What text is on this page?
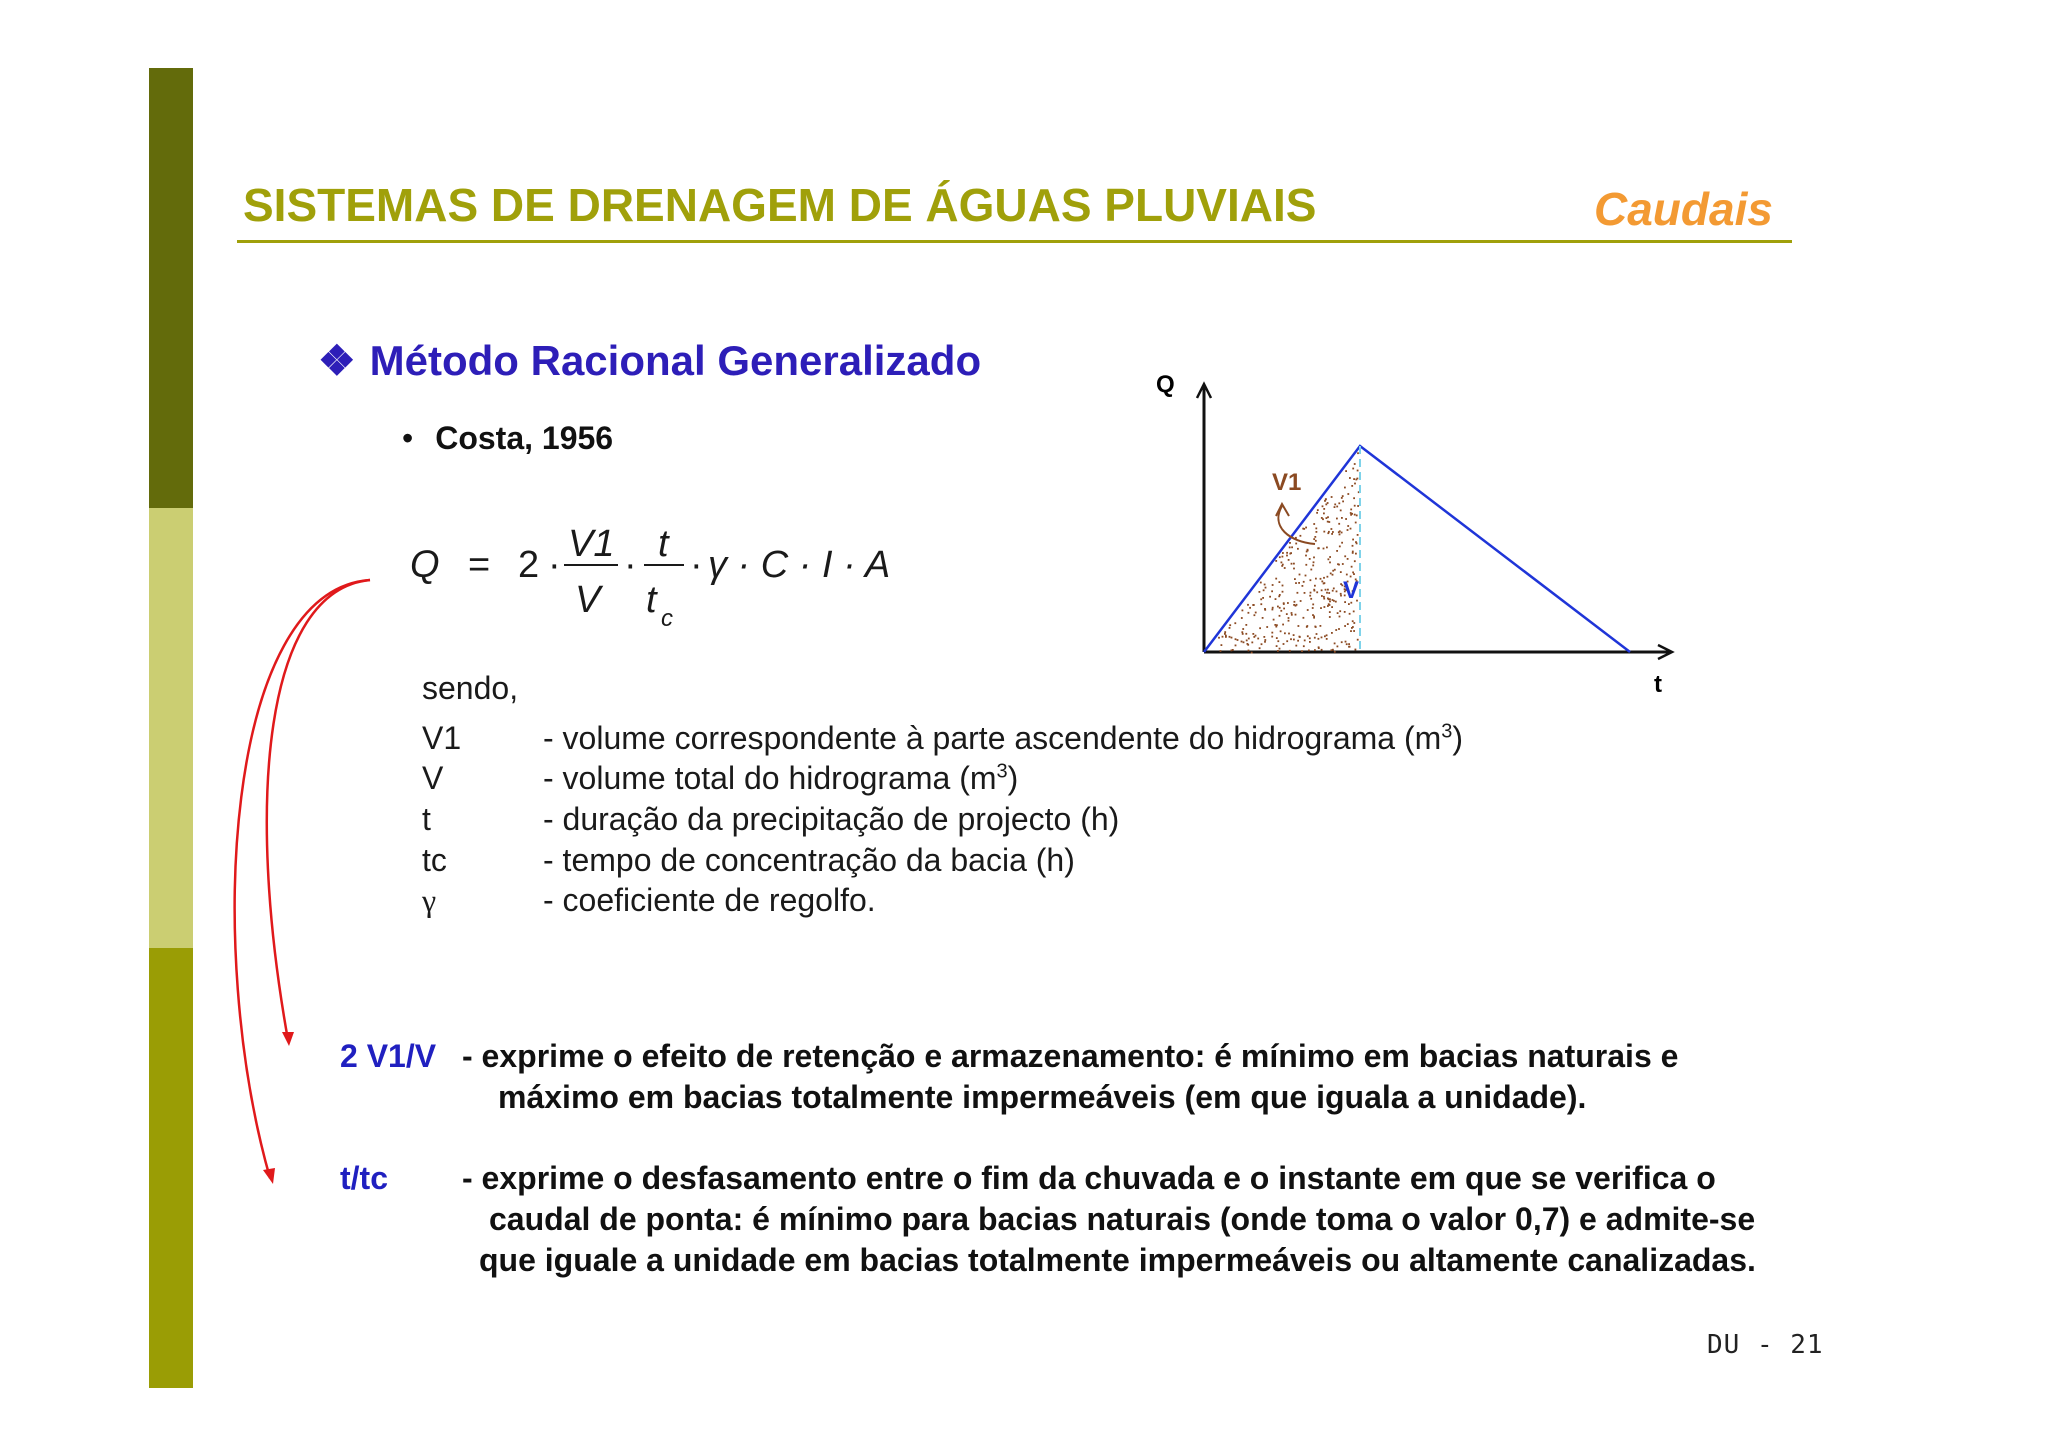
SISTEMAS DE DRENAGEM DE ÁGUAS PLUVIAIS	Caudais
❖ Método Racional Generalizado
• Costa, 1956
Q = 2 · V1
V
· t
t c
· γ · C · I · A
Q
t
V1
V
sendo,
V1	- volume correspondente à parte ascendente do hidrograma $(m^3)$
V	- volume total do hidrograma $(m^3)$
t	- duração da precipitação de projecto (h)
tc	- tempo de concentração da bacia (h)
γ	- coeficiente de regolfo.
2 V1/V - exprime o efeito de retenção e armazenamento: é mínimo em bacias naturais e
máximo em bacias totalmente impermeáveis (em que iguala a unidade).
t/tc - exprime o desfasamento entre o fim da chuvada e o instante em que se verifica o
caudal de ponta: é mínimo para bacias naturais (onde toma o valor 0,7) e admite-se
que iguale a unidade em bacias totalmente impermeáveis ou altamente canalizadas.
DU - 21
